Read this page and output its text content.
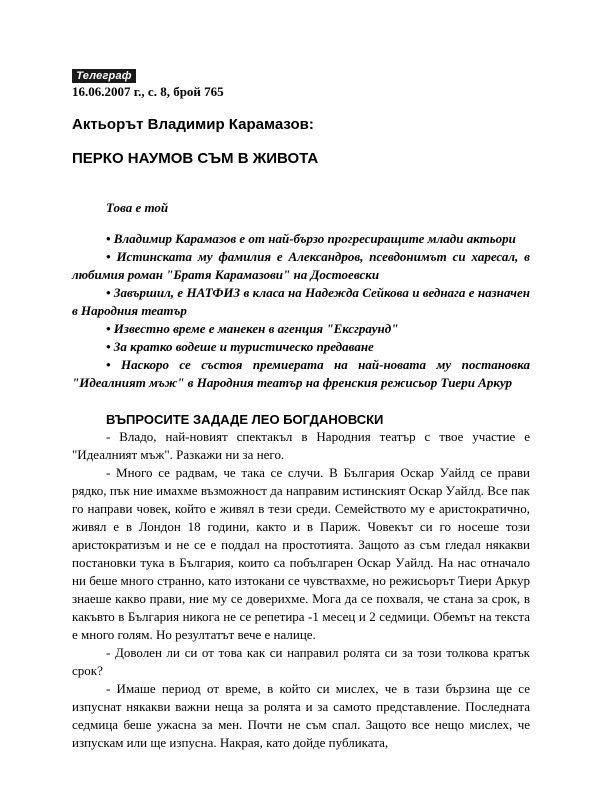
Телеграф
16.06.2007 г., с. 8, брой 765
Актьорът Владимир Карамазов:
ПЕРКО НАУМОВ СЪМ В ЖИВОТА
Това е той

• Владимир Карамазов е от най-бързо прогресиращите млади актьори

• Истинската му фамилия е Александров, псевдонимът си харесал, в любимия роман "Братя Карамазови" на Достоевски

• Завършил, е НАТФИЗ в класа на Надежда Сейкова и веднага е назначен в Народния театър

• Известно време е манекен в агенция "Ексграунд"

• За кратко водеше и туристическо предаване

• Наскоро се състоя премиерата на най-новата му постановка "Идеалният мъж" в Народния театър на френския режисьор Тиери Аркур

ВЪПРОСИТЕ ЗАДАДЕ ЛЕО БОГДАНОВСКИ

- Владо, най-новият спектакъл в Народния театър с твое участие е "Идеалният мъж". Разкажи ни за него.

- Много се радвам, че така се случи. В България Оскар Уайлд се прави рядко, пък ние имахме възможност да направим истинският Оскар Уайлд. Все пак го направи човек, който е живял в тези среди. Семейството му е аристократично, живял е в Лондон 18 години, както и в Париж. Човекът си го носеше този аристократизъм и не се е поддал на простотията. Защото аз съм гледал някакви постановки тука в България, които са побългарен Оскар Уайлд. На нас отначало ни беше много странно, като изтокани се чувствахме, но режисьорът Тиери Аркур знаеше какво прави, ние му се доверихме. Мога да се похваля, че стана за срок, в какъвто в България никога не се репетира -1 месец и 2 седмици. Обемът на текста е много голям. Но резултатът вече е налице.

- Доволен ли си от това как си направил ролята си за този толкова кратък срок?

- Имаше период от време, в който си мислех, че в тази бързина ще се изпуснат някакви важни неща за ролята и за самото представление. Последната седмица беше ужасна за мен. Почти не съм спал. Защото все нещо мислех, че изпускам или ще изпусна. Накрая, като дойде публиката,
